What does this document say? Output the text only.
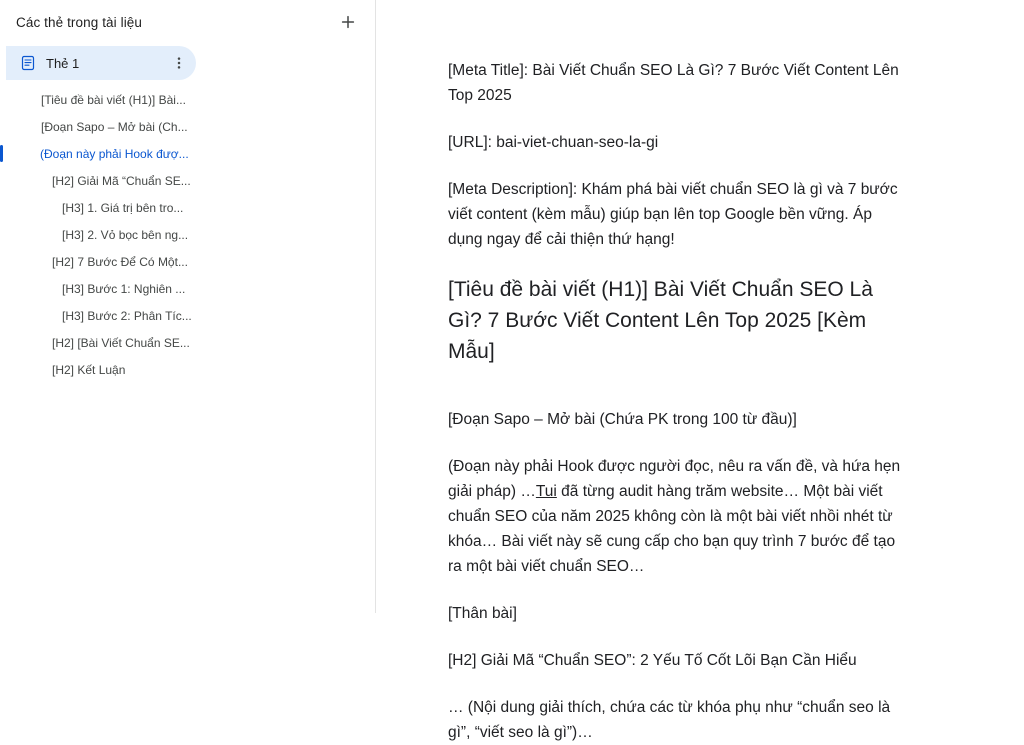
Các thẻ trong tài liệu
Thẻ 1
[Tiêu đề bài viết (H1)] Bài...
[Đoạn Sapo – Mở bài (Ch...
(Đoạn này phải Hook đượ...
[H2] Giải Mã “Chuẩn SE...
[H3] 1. Giá trị bên tro...
[H3] 2. Vỏ bọc bên ng...
[H2] 7 Bước Để Có Một...
[H3] Bước 1: Nghiên ...
[H3] Bước 2: Phân Tíc...
[H2] [Bài Viết Chuẩn SE...
[H2] Kết Luận

[Meta Title]: Bài Viết Chuẩn SEO Là Gì? 7 Bước Viết Content Lên Top 2025

[URL]: bai-viet-chuan-seo-la-gi

[Meta Description]: Khám phá bài viết chuẩn SEO là gì và 7 bước viết content (kèm mẫu) giúp bạn lên top Google bền vững. Áp dụng ngay để cải thiện thứ hạng!

[Tiêu đề bài viết (H1)] Bài Viết Chuẩn SEO Là Gì? 7 Bước Viết Content Lên Top 2025 [Kèm Mẫu]

[Đoạn Sapo – Mở bài (Chứa PK trong 100 từ đầu)]

(Đoạn này phải Hook được người đọc, nêu ra vấn đề, và hứa hẹn giải pháp) …Tui đã từng audit hàng trăm website… Một bài viết chuẩn SEO của năm 2025 không còn là một bài viết nhồi nhét từ khóa… Bài viết này sẽ cung cấp cho bạn quy trình 7 bước để tạo ra một bài viết chuẩn SEO…

[Thân bài]

[H2] Giải Mã “Chuẩn SEO”: 2 Yếu Tố Cốt Lõi Bạn Cần Hiểu

… (Nội dung giải thích, chứa các từ khóa phụ như “chuẩn seo là gì”, “viết seo là gì”)…
